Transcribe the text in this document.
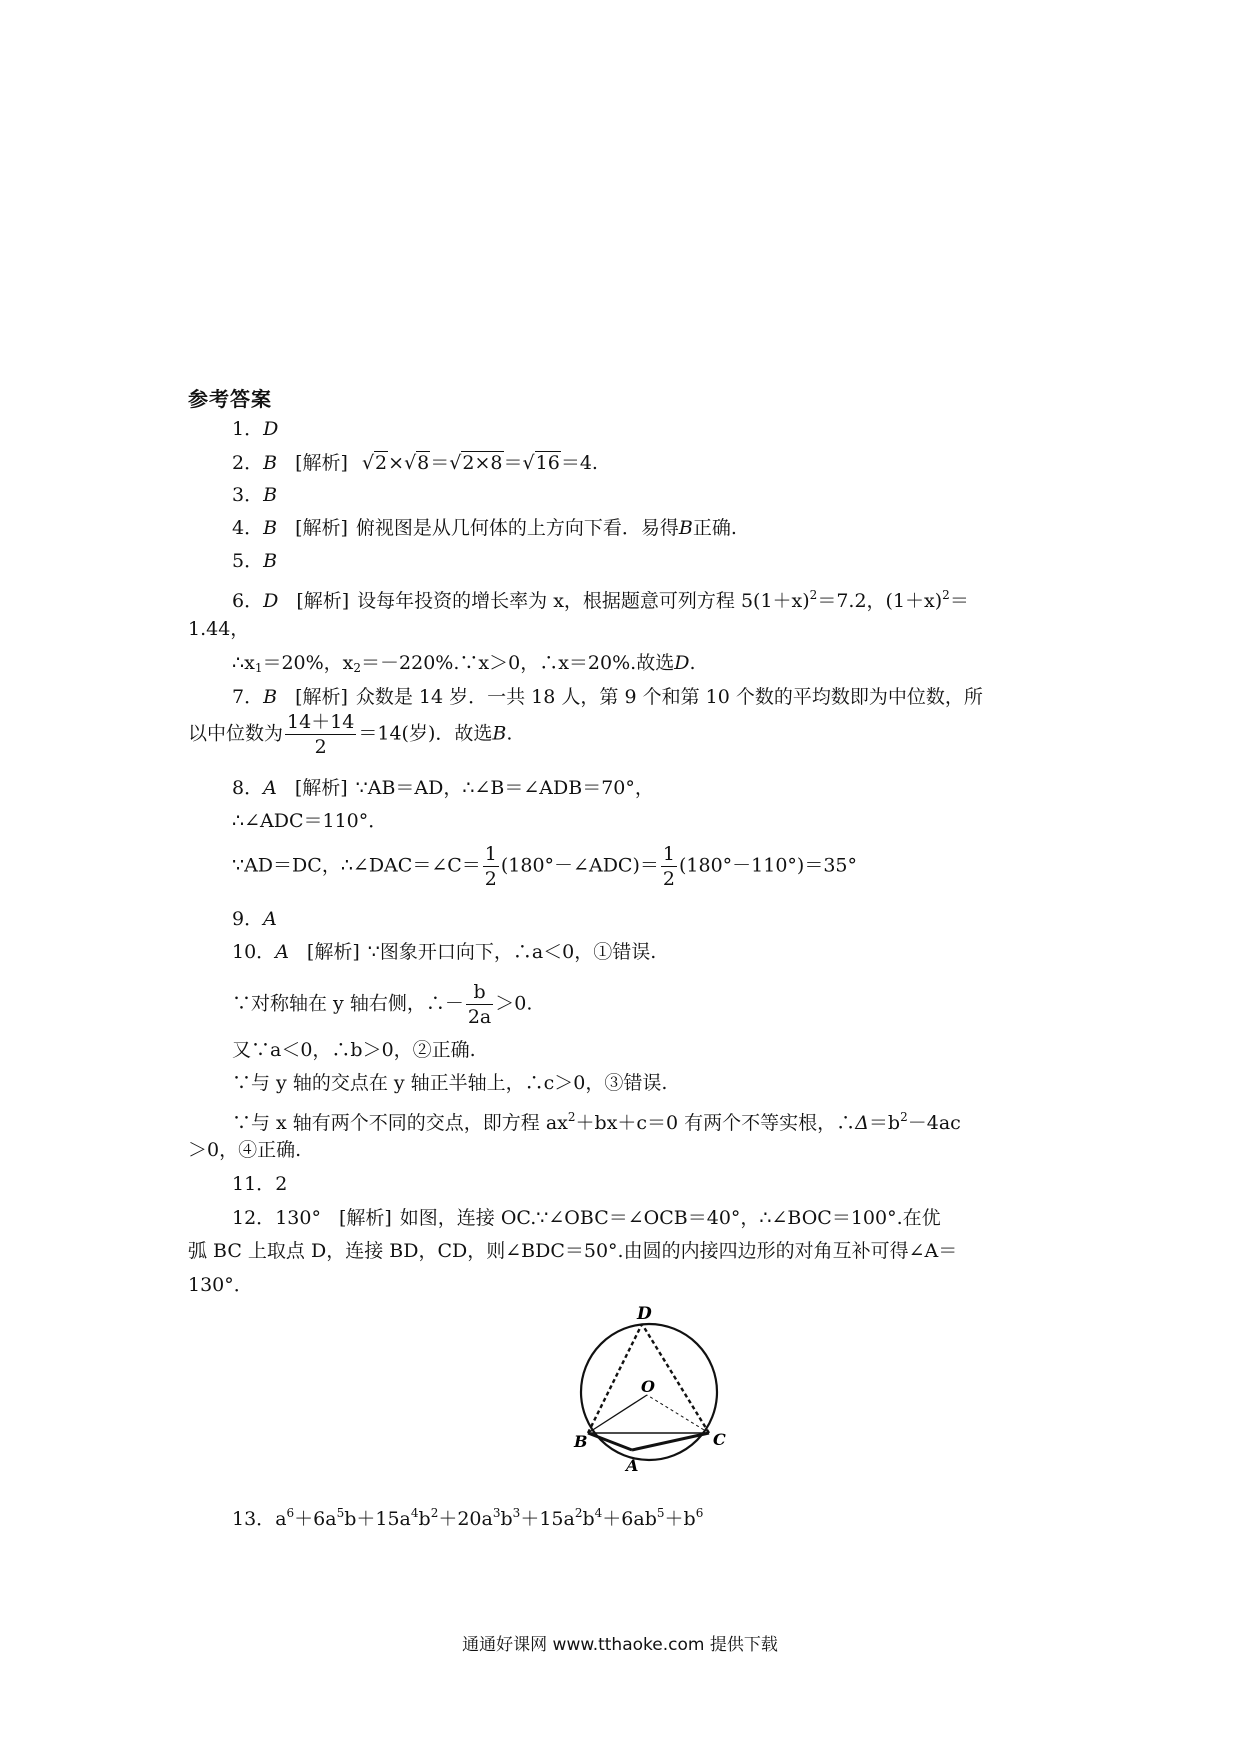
参考答案
1．D
2．B [解析] √2×√8＝√2×8＝√16＝4.
3．B
4．B [解析] 俯视图是从几何体的上方向下看．易得B正确.
5．B
6．D [解析] 设每年投资的增长率为 x，根据题意可列方程 $5(1+x)^2=7.2$，$(1+x)^2=$
1.44，
$\therefore x_1=20\%$，$x_2=-220\%.\because x>0$，∴x＝20%.故选D.
7．B [解析] 众数是 14 岁．一共 18 人，第 9 个和第 10 个数的平均数即为中位数，所
以中位数为 $\frac{14+14}{2} =14$(岁)．故选B.
8．A [解析] ∵AB＝AD，∴∠B＝∠ADB＝70°，
∴∠ADC＝110°．
∵AD＝DC，∴∠DAC＝∠C＝ $\frac{1}{2}$ (180°－∠ADC)＝ $\frac{1}{2} (180^\circ-110^\circ)=35^\circ$
9．A
10．A [解析] ∵图象开口向下，∴a＜0，①错误.
∵对称轴在 y 轴右侧，∴－ $\frac{b}{2a} >0$.
又∵a＜0，∴b＞0，②正确.
∵与 y 轴的交点在 y 轴正半轴上，∴c＞0，③错误.
∵与 x 轴有两个不同的交点，即方程 $ax^2+bx+c=0$ 有两个不等实根，$\therefore\Delta=b^2-4ac$
＞0，④正确.
11．2
12．130° [解析] 如图，连接 OC.∵∠OBC＝∠OCB＝40°，∴∠BOC＝100°.在优
弧 BC 上取点 D，连接 BD，CD，则∠BDC＝50°.由圆的内接四边形的对角互补可得∠A＝
130°．
D
O
B	C
A
13．$a^6+6a^5b+15a^4b^2+20a^3b^3+15a^2b^4+6ab^5+b^6$
通通好课网 www.tthaoke.com 提供下载
